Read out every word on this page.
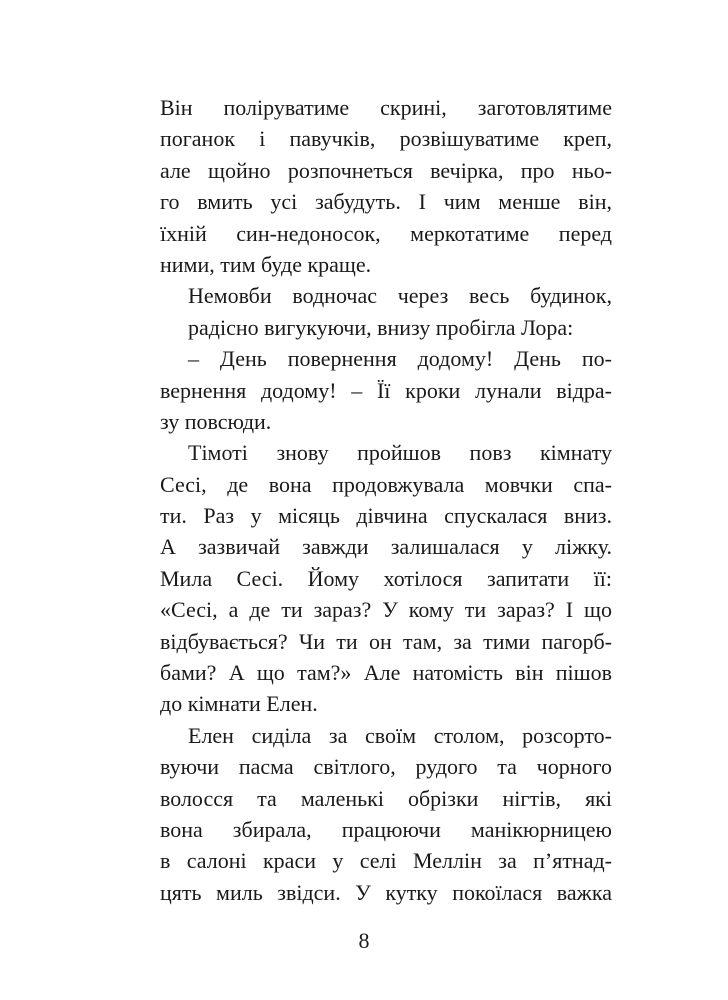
Він поліруватиме скрині, заготовлятиме
поганок і павучків, розвішуватиме креп,
але щойно розпочнеться вечірка, про ньо-
го вмить усі забудуть. І чим менше він,
їхній син-недоносок, меркотатиме перед
ними, тим буде краще.
Немовби водночас через весь будинок,
радісно вигукуючи, внизу пробігла Лора:
– День повернення додому! День по-
вернення додому! – Її кроки лунали відра-
зу повсюди.
Тімоті знову пройшов повз кімнату
Сесі, де вона продовжувала мовчки спа-
ти. Раз у місяць дівчина спускалася вниз.
А зазвичай завжди залишалася у ліжку.
Мила Сесі. Йому хотілося запитати її:
«Сесі, а де ти зараз? У кому ти зараз? І що
відбувається? Чи ти он там, за тими пагорб-
бами? А що там?» Але натомість він пішов
до кімнати Елен.
Елен сиділа за своїм столом, розсорто-
вуючи пасма світлого, рудого та чорного
волосся та маленькі обрізки нігтів, які
вона збирала, працюючи манікюрницею
в салоні краси у селі Меллін за п’ятнад-
цять миль звідси. У кутку покоїлася важка
8
